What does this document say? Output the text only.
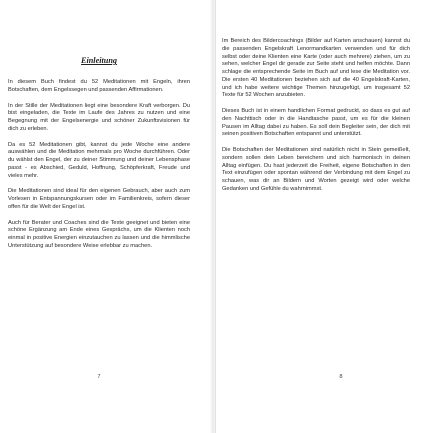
Einleitung

In diesem Buch findest du 52 Meditationen mit Engeln, ihren Botschaften, dem Engelssegen und passenden Affirmationen.

In der Stille der Meditationen liegt eine besondere Kraft verborgen. Du bist eingeladen, die Texte im Laufe des Jahres zu nutzen und eine Begegnung mit der Engelsenergie und schöner Zukunftsvisionen für dich zu erleben.

Da es 52 Meditationen gibt, kannst du jede Woche eine andere auswählen und die Meditation mehrmals pro Woche durchführen. Oder du wählst den Engel, der zu deiner Stimmung und deiner Lebensphase passt - es Abschied, Geduld, Hoffnung, Schöpferkraft, Freude und vieles mehr.

Die Meditationen sind ideal für den eigenen Gebrauch, aber auch zum Vorlesen in Entspannungskursen oder im Familienkreis, sofern dieser offen für die Welt der Engel ist.

Auch für Berater und Coaches sind die Texte geeignet und bieten eine schöne Ergänzung am Ende eines Gesprächs, um die Klienten noch einmal in positive Energien einzutauchen zu lassen und die himmlische Unterstützung auf besondere Weise erlebbar zu machen.

Im Bereich des Bildercoachings (Bilder auf Karten anschauen) kannst du die passenden Engelskraft Lenormandkarten verwenden und für dich selbst oder deine Klienten eine Karte (oder auch mehrere) ziehen, um zu sehen, welcher Engel dir gerade zur Seite steht und helfen möchte. Dann schlage die entsprechende Seite im Buch auf und lese die Meditation vor. Die ersten 40 Meditationen beziehen sich auf die 40 Engelskraft-Karten, und ich habe weitere wichtige Themen hinzugefügt, um insgesamt 52 Texte für 52 Wochen anzubieten.

Dieses Buch ist in einem handlichen Format gedruckt, so dass es gut auf den Nachttisch oder in die Handtasche passt, um es für die kleinen Pausen im Alltag dabei zu haben. Es soll dein Begleiter sein, der dich mit seinen positiven Botschaften entspannt und unterstützt.

Die Botschaften der Meditationen sind natürlich nicht in Stein gemeißelt, sondern sollen dein Leben bereichern und sich harmonisch in deinen Alltag einfügen. Du hast jederzeit die Freiheit, eigene Botschaften in den Text einzufügen oder spontan während der Verbindung mit dem Engel zu schauen, was dir an Bildern und Worten gezeigt wird oder welche Gedanken und Gefühle du wahrnimmst.

7	8
